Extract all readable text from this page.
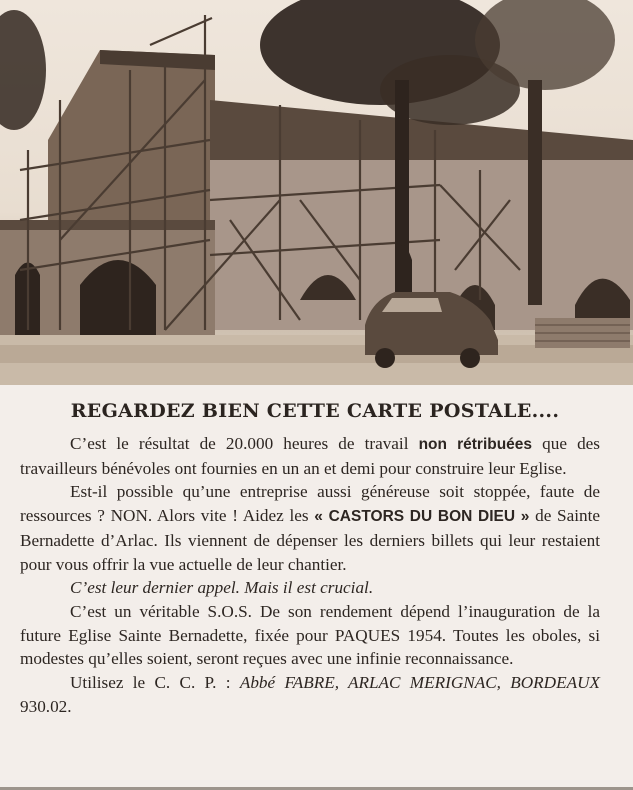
REGARDEZ BIEN CETTE CARTE POSTALE....

C’est le résultat de 20.000 heures de travail non rétribuées que des travailleurs bénévoles ont fournies en un an et demi pour construire leur Eglise.

Est-il possible qu’une entreprise aussi généreuse soit stoppée, faute de ressources ? NON. Alors vite ! Aidez les « CASTORS DU BON DIEU » de Sainte Bernadette d’Arlac. Ils viennent de dépenser les derniers billets qui leur restaient pour vous offrir la vue actuelle de leur chantier.

C’est leur dernier appel. Mais il est crucial.

C’est un véritable S.O.S. De son rendement dépend l’inauguration de la future Eglise Sainte Bernadette, fixée pour PAQUES 1954. Toutes les oboles, si modestes qu’elles soient, seront reçues avec une infinie reconnaissance.

Utilisez le C. C. P. : Abbé FABRE, ARLAC MERIGNAC, BORDEAUX 930.02.
